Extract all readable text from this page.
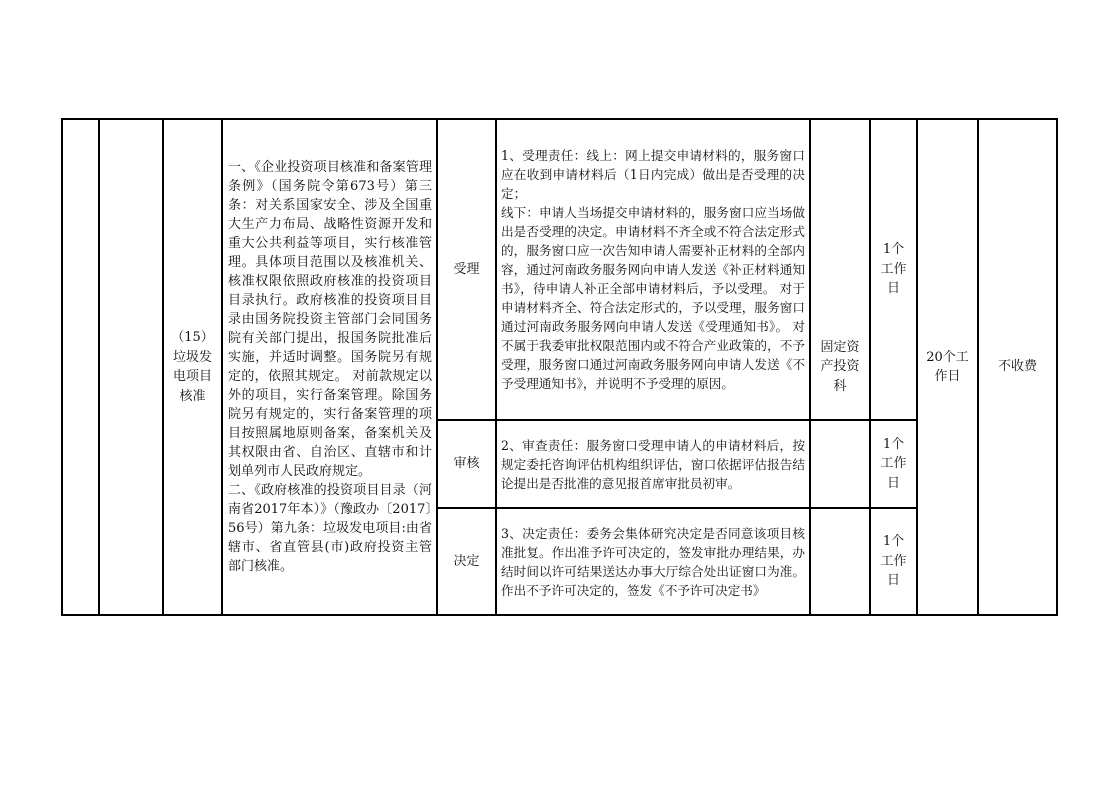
（15）
垃圾发
电项目
核准
一、《企业投资项目核准和备案管理条例》（国务院令第673号）第三条：对关系国家安全、涉及全国重大生产力布局、战略性资源开发和重大公共利益等项目，实行核准管理。具体项目范围以及核准机关、核准权限依照政府核准的投资项目目录执行。政府核准的投资项目目录由国务院投资主管部门会同国务院有关部门提出，报国务院批准后实施，并适时调整。国务院另有规定的，依照其规定。 对前款规定以外的项目，实行备案管理。除国务院另有规定的，实行备案管理的项目按照属地原则备案，备案机关及其权限由省、自治区、直辖市和计划单列市人民政府规定。
二、《政府核准的投资项目目录（河南省2017年本）》（豫政办〔2017〕56号）第九条：垃圾发电项目:由省辖市、省直管县(市)政府投资主管部门核准。
受理
审核
决定
1、受理责任：线上：网上提交申请材料的，服务窗口应在收到申请材料后（1日内完成）做出是否受理的决定；
线下：申请人当场提交申请材料的，服务窗口应当场做出是否受理的决定。申请材料不齐全或不符合法定形式的，服务窗口应一次告知申请人需要补正材料的全部内容，通过河南政务服务网向申请人发送《补正材料通知书》，待申请人补正全部申请材料后，予以受理。 对于申请材料齐全、符合法定形式的，予以受理，服务窗口通过河南政务服务网向申请人发送《受理通知书》。 对不属于我委审批权限范围内或不符合产业政策的，不予受理，服务窗口通过河南政务服务网向申请人发送《不予受理通知书》，并说明不予受理的原因。
2、审查责任：服务窗口受理申请人的申请材料后，按规定委托咨询评估机构组织评估，窗口依据评估报告结论提出是否批准的意见报首席审批员初审。
3、决定责任：委务会集体研究决定是否同意该项目核准批复。作出准予许可决定的，签发审批办理结果，办结时间以许可结果送达办事大厅综合处出证窗口为准。作出不予许可决定的，签发《不予许可决定书》
固定资
产投资
科
1个
工作
日
1个
工作
日
1个
工作
日
20个工
作日
不收费
